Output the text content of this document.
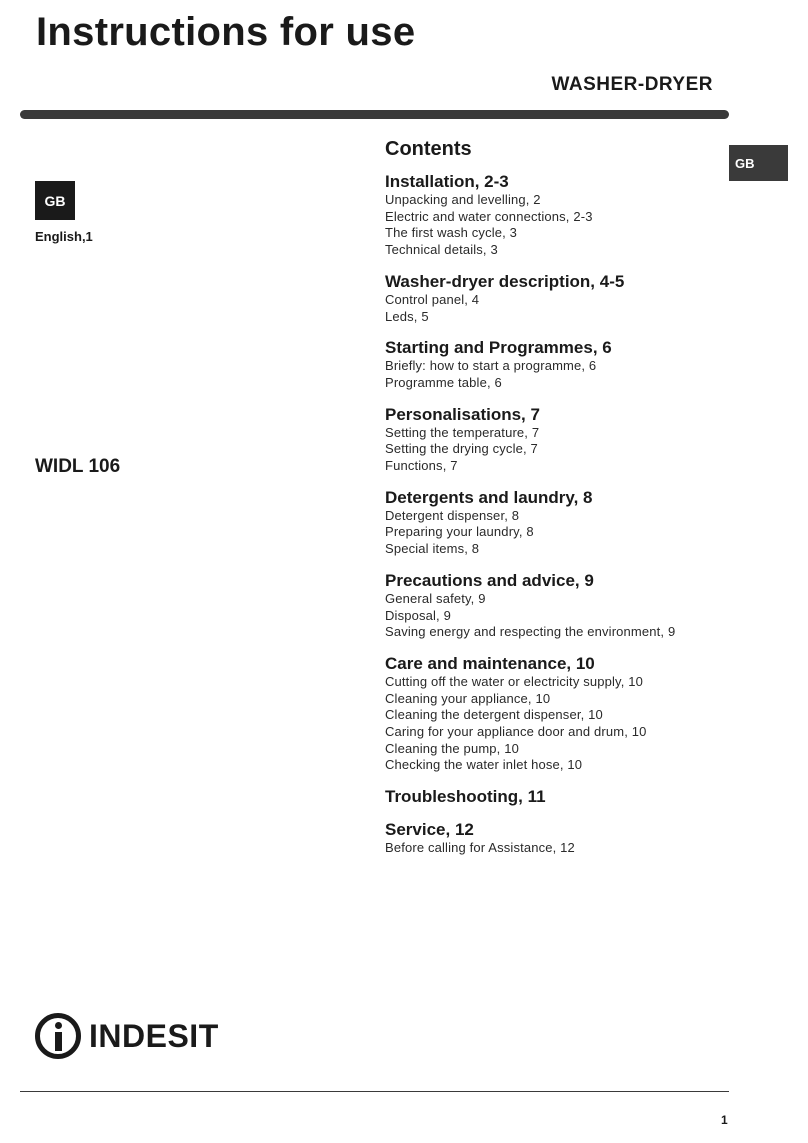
Instructions for use
WASHER-DRYER
GB
GB
English,1
WIDL 106
Contents
Installation, 2-3
Unpacking and levelling, 2
Electric and water connections, 2-3
The first wash cycle, 3
Technical details, 3
Washer-dryer description, 4-5
Control panel, 4
Leds, 5
Starting and Programmes, 6
Briefly: how to start a programme, 6
Programme table, 6
Personalisations, 7
Setting the temperature, 7
Setting the drying cycle, 7
Functions, 7
Detergents and laundry, 8
Detergent dispenser, 8
Preparing your laundry, 8
Special items, 8
Precautions and advice, 9
General safety, 9
Disposal, 9
Saving energy and respecting the environment, 9
Care and maintenance, 10
Cutting off the water or electricity supply, 10
Cleaning your appliance, 10
Cleaning the detergent dispenser, 10
Caring for your appliance door and drum, 10
Cleaning the pump, 10
Checking the water inlet hose, 10
Troubleshooting, 11
Service, 12
Before calling for Assistance, 12
INDESIT
1
